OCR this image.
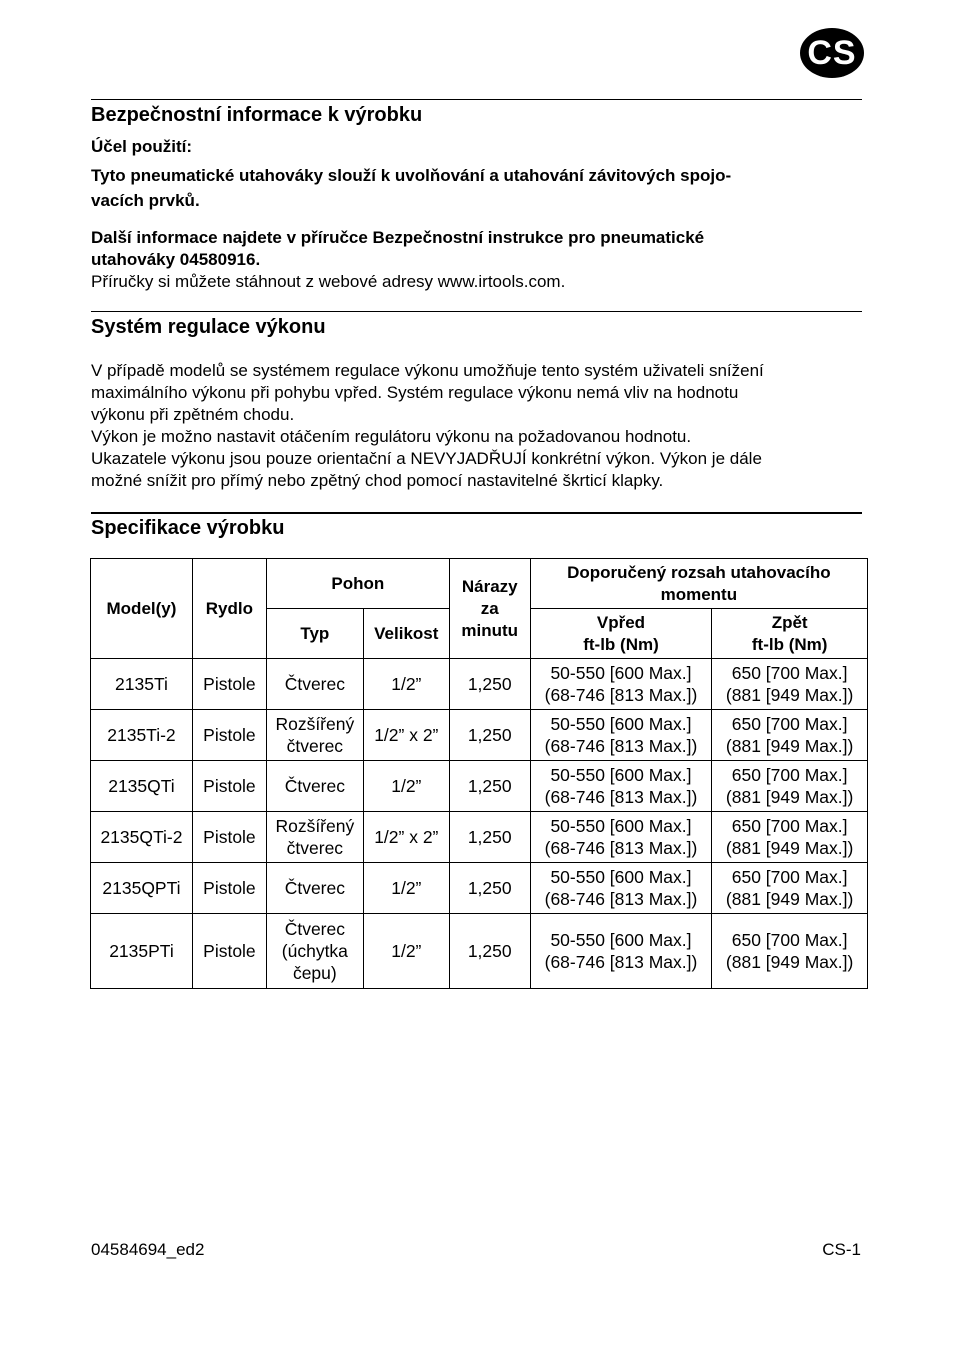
CS
Bezpečnostní informace k výrobku

Účel použití:

Tyto pneumatické utahováky slouží k uvolňování a utahování závitových spojo-
vacích prvků.

Další informace najdete v příručce Bezpečnostní instrukce pro pneumatické
utahováky 04580916.
Příručky si můžete stáhnout z webové adresy www.irtools.com.

Systém regulace výkonu

V případě modelů se systémem regulace výkonu umožňuje tento systém uživateli snížení
maximálního výkonu při pohybu vpřed. Systém regulace výkonu nemá vliv na hodnotu
výkonu při zpětném chodu.
Výkon je možno nastavit otáčením regulátoru výkonu na požadovanou hodnotu.
Ukazatele výkonu jsou pouze orientační a NEVYJADŘUJÍ konkrétní výkon. Výkon je dále
možné snížit pro přímý nebo zpětný chod pomocí nastavitelné škrticí klapky.

Specifikace výrobku
Model(y)	Rydlo	Pohon		Nárazy
za
minutu	Doporučený rozsah utahovacího
momentu	
		Typ	Velikost		Vpřed
ft-lb (Nm)	Zpět
ft-lb (Nm)
2135Ti	Pistole	Čtverec	1/2”	1,250	50-550 [600 Max.]
(68-746 [813 Max.])	650 [700 Max.]
(881 [949 Max.])
2135Ti-2	Pistole	Rozšířený
čtverec	1/2” x 2”	1,250	50-550 [600 Max.]
(68-746 [813 Max.])	650 [700 Max.]
(881 [949 Max.])
2135QTi	Pistole	Čtverec	1/2”	1,250	50-550 [600 Max.]
(68-746 [813 Max.])	650 [700 Max.]
(881 [949 Max.])
2135QTi-2	Pistole	Rozšířený
čtverec	1/2” x 2”	1,250	50-550 [600 Max.]
(68-746 [813 Max.])	650 [700 Max.]
(881 [949 Max.])
2135QPTi	Pistole	Čtverec	1/2”	1,250	50-550 [600 Max.]
(68-746 [813 Max.])	650 [700 Max.]
(881 [949 Max.])
2135PTi	Pistole	Čtverec
(úchytka
čepu)	1/2”	1,250	50-550 [600 Max.]
(68-746 [813 Max.])	650 [700 Max.]
(881 [949 Max.])
04584694_ed2	CS-1
